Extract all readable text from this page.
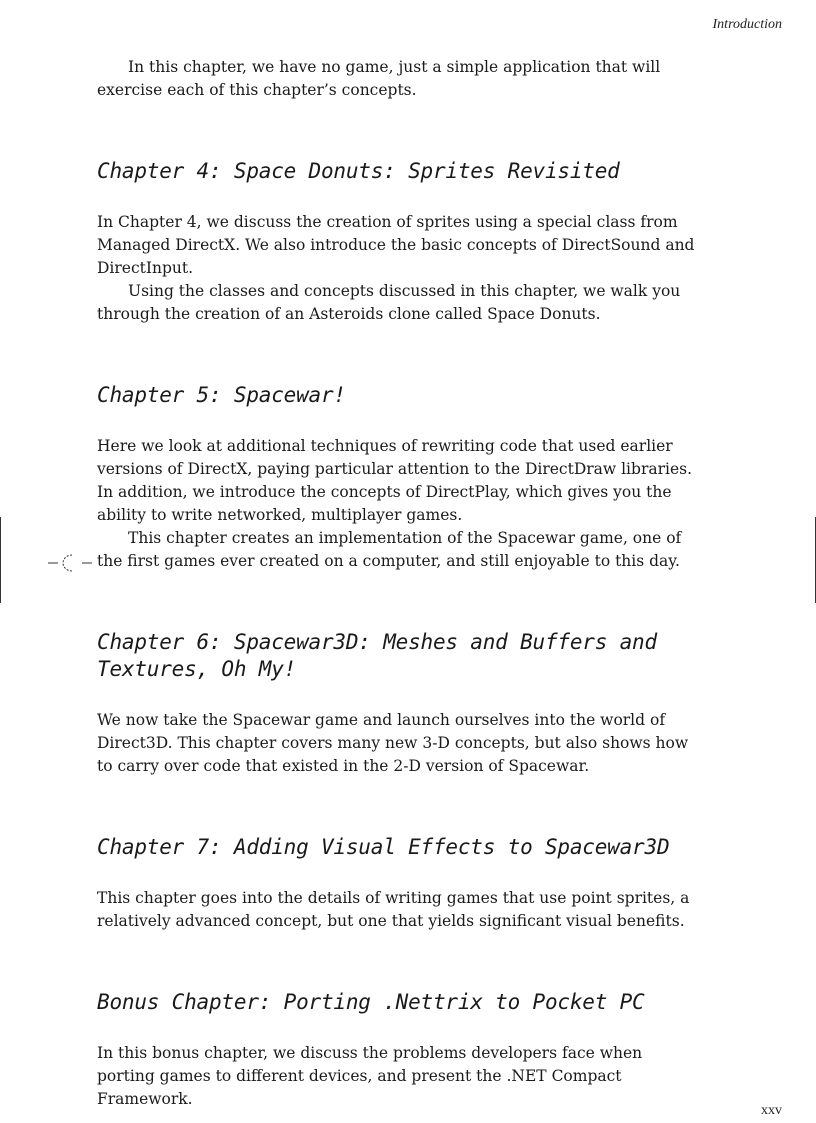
Introduction

In this chapter, we have no game, just a simple application that will exercise each of this chapter’s concepts.

Chapter 4: Space Donuts: Sprites Revisited

In Chapter 4, we discuss the creation of sprites using a special class from Managed DirectX. We also introduce the basic concepts of DirectSound and DirectInput.

Using the classes and concepts discussed in this chapter, we walk you through the creation of an Asteroids clone called Space Donuts.

Chapter 5: Spacewar!

Here we look at additional techniques of rewriting code that used earlier versions of DirectX, paying particular attention to the DirectDraw libraries. In addition, we introduce the concepts of DirectPlay, which gives you the ability to write networked, multiplayer games.

This chapter creates an implementation of the Spacewar game, one of the first games ever created on a computer, and still enjoyable to this day.

Chapter 6: Spacewar3D: Meshes and Buffers and Textures, Oh My!

We now take the Spacewar game and launch ourselves into the world of Direct3D. This chapter covers many new 3-D concepts, but also shows how to carry over code that existed in the 2-D version of Spacewar.

Chapter 7: Adding Visual Effects to Spacewar3D

This chapter goes into the details of writing games that use point sprites, a relatively advanced concept, but one that yields significant visual benefits.

Bonus Chapter: Porting .Nettrix to Pocket PC

In this bonus chapter, we discuss the problems developers face when porting games to different devices, and present the .NET Compact Framework.

xxv
